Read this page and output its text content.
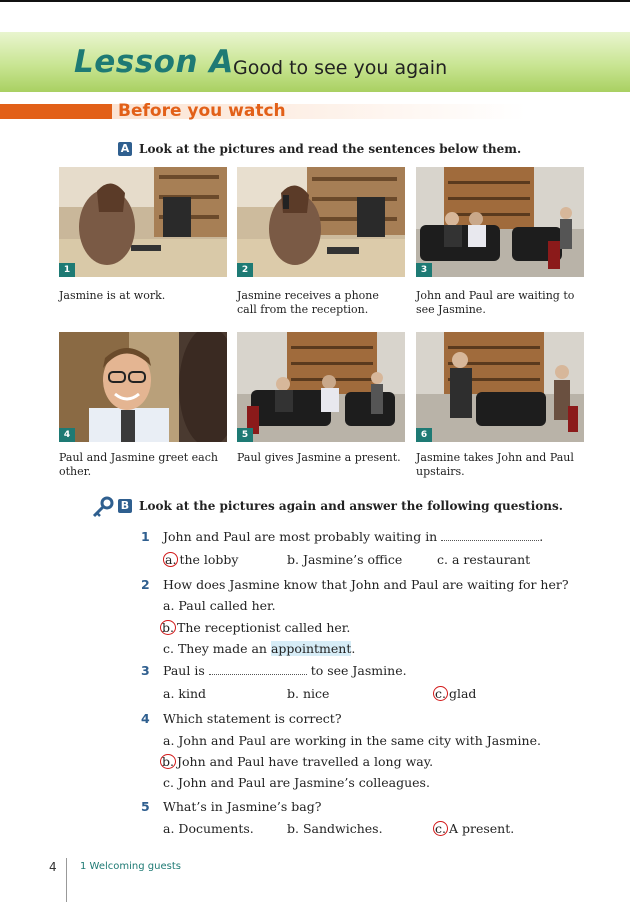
Lesson A Good to see you again
Before you watch
A Look at the pictures and read the sentences below them.
1
Jasmine is at work.
2
Jasmine receives a phone call from the reception.
3
John and Paul are waiting to see Jasmine.
4
Paul and Jasmine greet each other.
5
Paul gives Jasmine a present.
6
Jasmine takes John and Paul upstairs.
B Look at the pictures again and answer the following questions.
1 John and Paul are most probably waiting in	.
a. the lobby	b. Jasmine’s office	c. a restaurant
2 How does Jasmine know that John and Paul are waiting for her?
a. Paul called her.
b. The receptionist called her.
c. They made an appointment.
3 Paul is	to see Jasmine.
a. kind	b. nice	c. glad
4 Which statement is correct?
a. John and Paul are working in the same city with Jasmine.
b. John and Paul have travelled a long way.
c. John and Paul are Jasmine’s colleagues.
5 What’s in Jasmine’s bag?
a. Documents.	b. Sandwiches.	c. A present.
4 1 Welcoming guests
